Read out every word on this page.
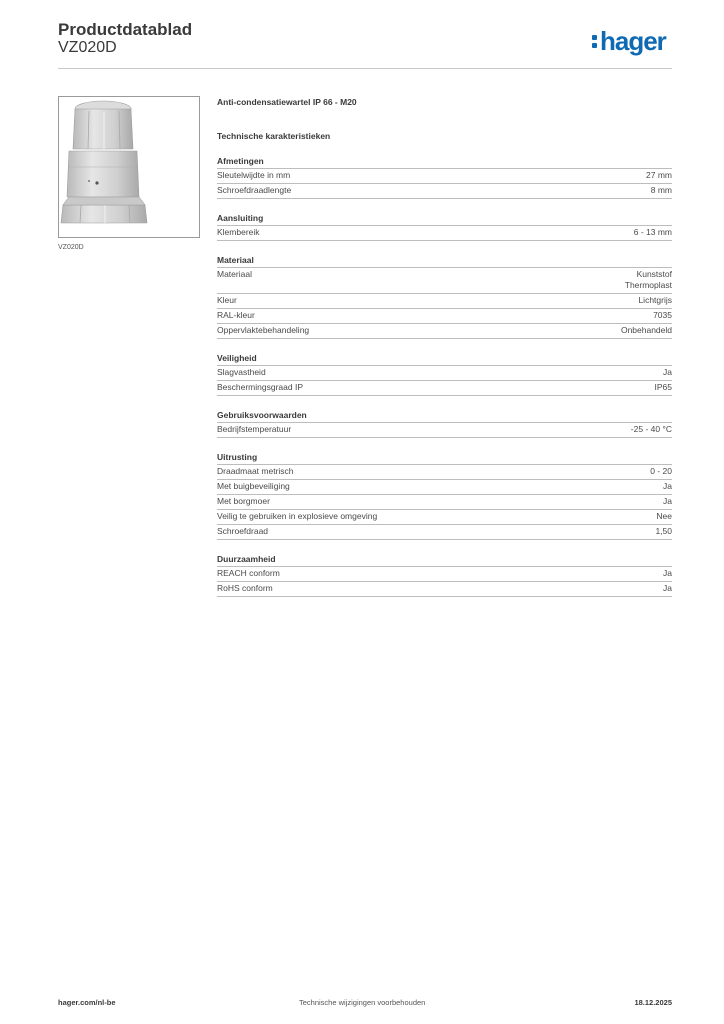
Productdatablad
VZ020D	hager
VZ020D
Anti-condensatiewartel IP 66 - M20
Technische karakteristieken
Afmetingen
Sleutelwijdte in mm	27 mm
Schroefdraadlengte	8 mm
Aansluiting
Klembereik	6 - 13 mm
Materiaal
Materiaal	Kunststof
Thermoplast
Kleur	Lichtgrijs
RAL-kleur	7035
Oppervlaktebehandeling	Onbehandeld
Veiligheid
Slagvastheid	Ja
Beschermingsgraad IP	IP65
Gebruiksvoorwaarden
Bedrijfstemperatuur	-25 - 40 °C
Uitrusting
Draadmaat metrisch	0 - 20
Met buigbeveiliging	Ja
Met borgmoer	Ja
Veilig te gebruiken in explosieve omgeving	Nee
Schroefdraad	1,50
Duurzaamheid
REACH conform	Ja
RoHS conform	Ja
hager.com/nl-be	Technische wijzigingen voorbehouden	18.12.2025
